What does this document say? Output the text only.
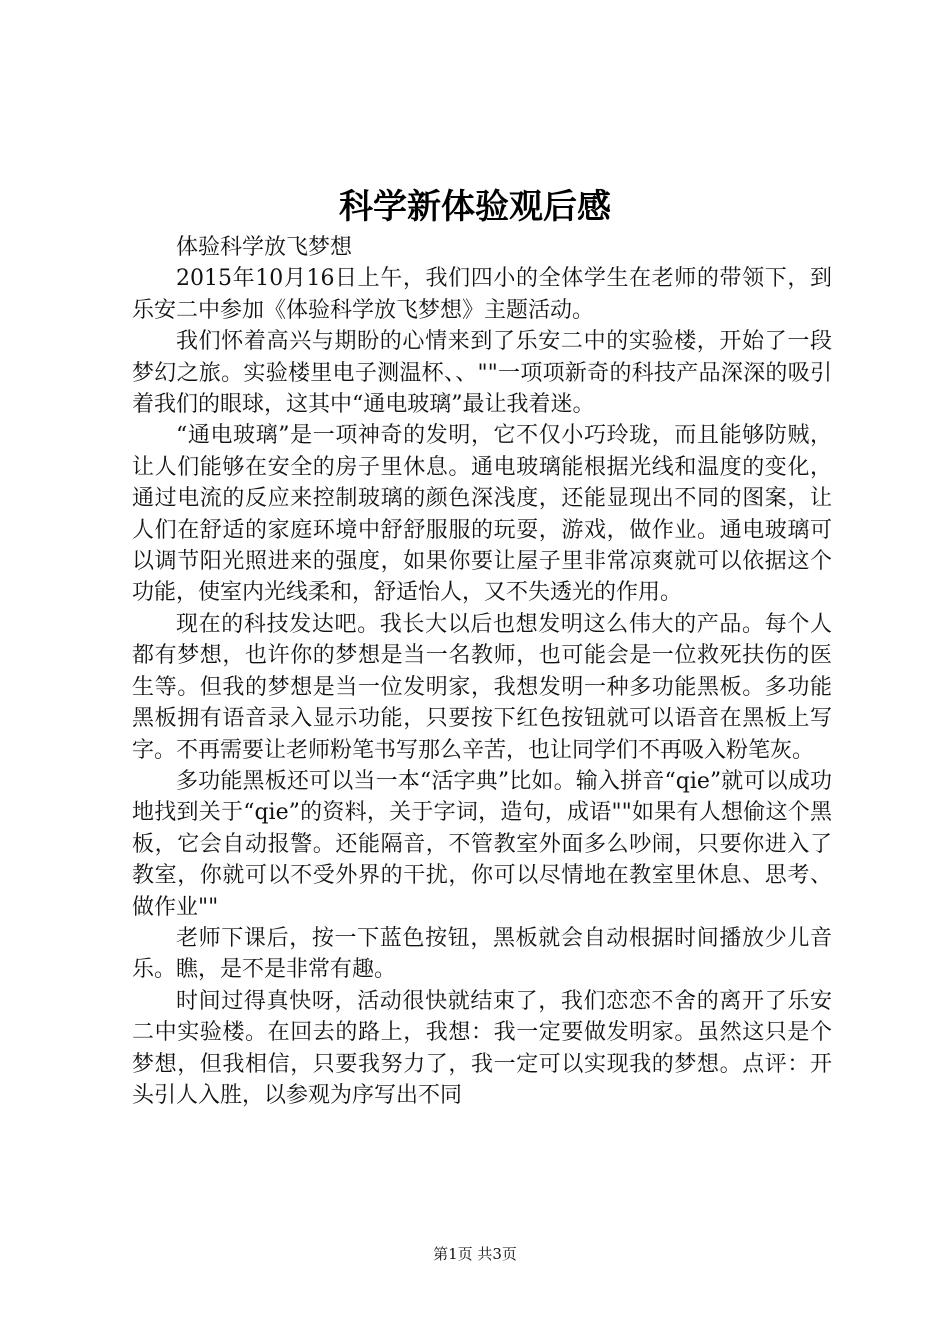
科学新体验观后感

体验科学放飞梦想

2015年10月16日上午，我们四小的全体学生在老师的带领下，到乐安二中参加《体验科学放飞梦想》主题活动。

我们怀着高兴与期盼的心情来到了乐安二中的实验楼，开始了一段梦幻之旅。实验楼里电子测温杯、、""一项项新奇的科技产品深深的吸引着我们的眼球，这其中“通电玻璃”最让我着迷。

“通电玻璃”是一项神奇的发明，它不仅小巧玲珑，而且能够防贼，让人们能够在安全的房子里休息。通电玻璃能根据光线和温度的变化，通过电流的反应来控制玻璃的颜色深浅度，还能显现出不同的图案，让人们在舒适的家庭环境中舒舒服服的玩耍，游戏，做作业。通电玻璃可以调节阳光照进来的强度，如果你要让屋子里非常凉爽就可以依据这个功能，使室内光线柔和，舒适怡人，又不失透光的作用。

现在的科技发达吧。我长大以后也想发明这么伟大的产品。每个人都有梦想，也许你的梦想是当一名教师，也可能会是一位救死扶伤的医生等。但我的梦想是当一位发明家，我想发明一种多功能黑板。多功能黑板拥有语音录入显示功能，只要按下红色按钮就可以语音在黑板上写字。不再需要让老师粉笔书写那么辛苦，也让同学们不再吸入粉笔灰。

多功能黑板还可以当一本“活字典”比如。输入拼音“qie”就可以成功地找到关于“qie”的资料，关于字词，造句，成语""如果有人想偷这个黑板，它会自动报警。还能隔音，不管教室外面多么吵闹，只要你进入了教室，你就可以不受外界的干扰，你可以尽情地在教室里休息、思考、做作业""

老师下课后，按一下蓝色按钮，黑板就会自动根据时间播放少儿音乐。瞧，是不是非常有趣。

时间过得真快呀，活动很快就结束了，我们恋恋不舍的离开了乐安二中实验楼。在回去的路上，我想：我一定要做发明家。虽然这只是个梦想，但我相信，只要我努力了，我一定可以实现我的梦想。点评：开头引人入胜，以参观为序写出不同

第1页 共3页
